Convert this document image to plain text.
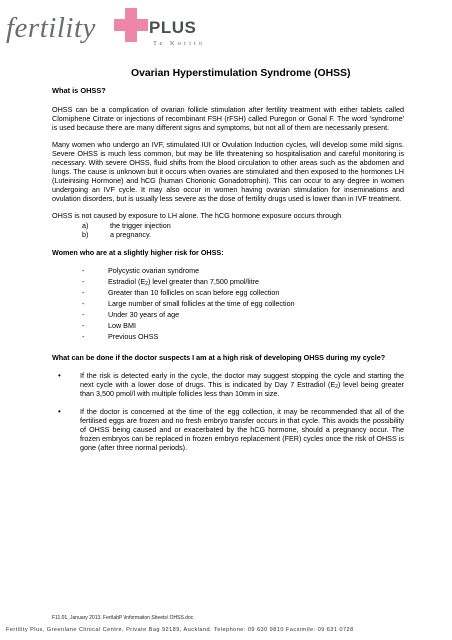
fertility	PLUS
Te Korito
Ovarian Hyperstimulation Syndrome (OHSS)
What is OHSS?

OHSS can be a complication of ovarian follicle stimulation after fertility treatment with either tablets called Clomiphene Citrate or injections of recombinant FSH (rFSH) called Puregon or Gonal F. The word 'syndrome' is used because there are many different signs and symptoms, but not all of them are necessarily present.

Many women who undergo an IVF, stimulated IUI or Ovulation Induction cycles, will develop some mild signs. Severe OHSS is much less common, but may be life threatening so hospitalisation and careful monitoring is necessary. With severe OHSS, fluid shifts from the blood circulation to other areas such as the abdomen and lungs. The cause is unknown but it occurs when ovaries are stimulated and then exposed to the hormones LH (Luteinising Hormone) and hCG (human Chorionic Gonadotrophin). This can occur to any degree in women undergoing an IVF cycle. It may also occur in women having ovarian stimulation for inseminations and ovulation disorders, but is usually less severe as the dose of fertility drugs used is lower than in IVF treatment.

OHSS is not caused by exposure to LH alone. The hCG hormone exposure occurs through

a)	the trigger injection
b)	a pregnancy.
Women who are at a slightly higher risk for OHSS:
-	Polycystic ovarian syndrome
-	Estradiol $(E_2)$ level greater than 7,500 pmol/litre
-	Greater than 10 follicles on scan before egg collection
-	Large number of small follicles at the time of egg collection
-	Under 30 years of age
-	Low BMI
-	Previous OHSS
What can be done if the doctor suspects I am at a high risk of developing OHSS during my cycle?
•	If the risk is detected early in the cycle, the doctor may suggest stopping the cycle and starting the next cycle with a lower dose of drugs. This is indicated by Day 7 Estradiol $(E_2)$ level being greater than 3,500 pmol/l with multiple follicles less than 10mm in size.
•	If the doctor is concerned at the time of the egg collection, it may be recommended that all of the fertilised eggs are frozen and no fresh embryo transfer occurs in that cycle. This avoids the possibility of OHSS being caused and or exacerbated by the hCG hormone, should a pregnancy occur. The frozen embryos can be replaced in frozen embryo replacement (FER) cycles once the risk of OHSS is gone (after three normal periods).
F11.01, January 2013, FertIabP \Information Sheets\ OHSS.doc
Fertility Plus, Greenlane Clinical Centre, Private Bag 92189, Auckland. Telephone: 09 630 9810 Facsimile: 09 631 0728
